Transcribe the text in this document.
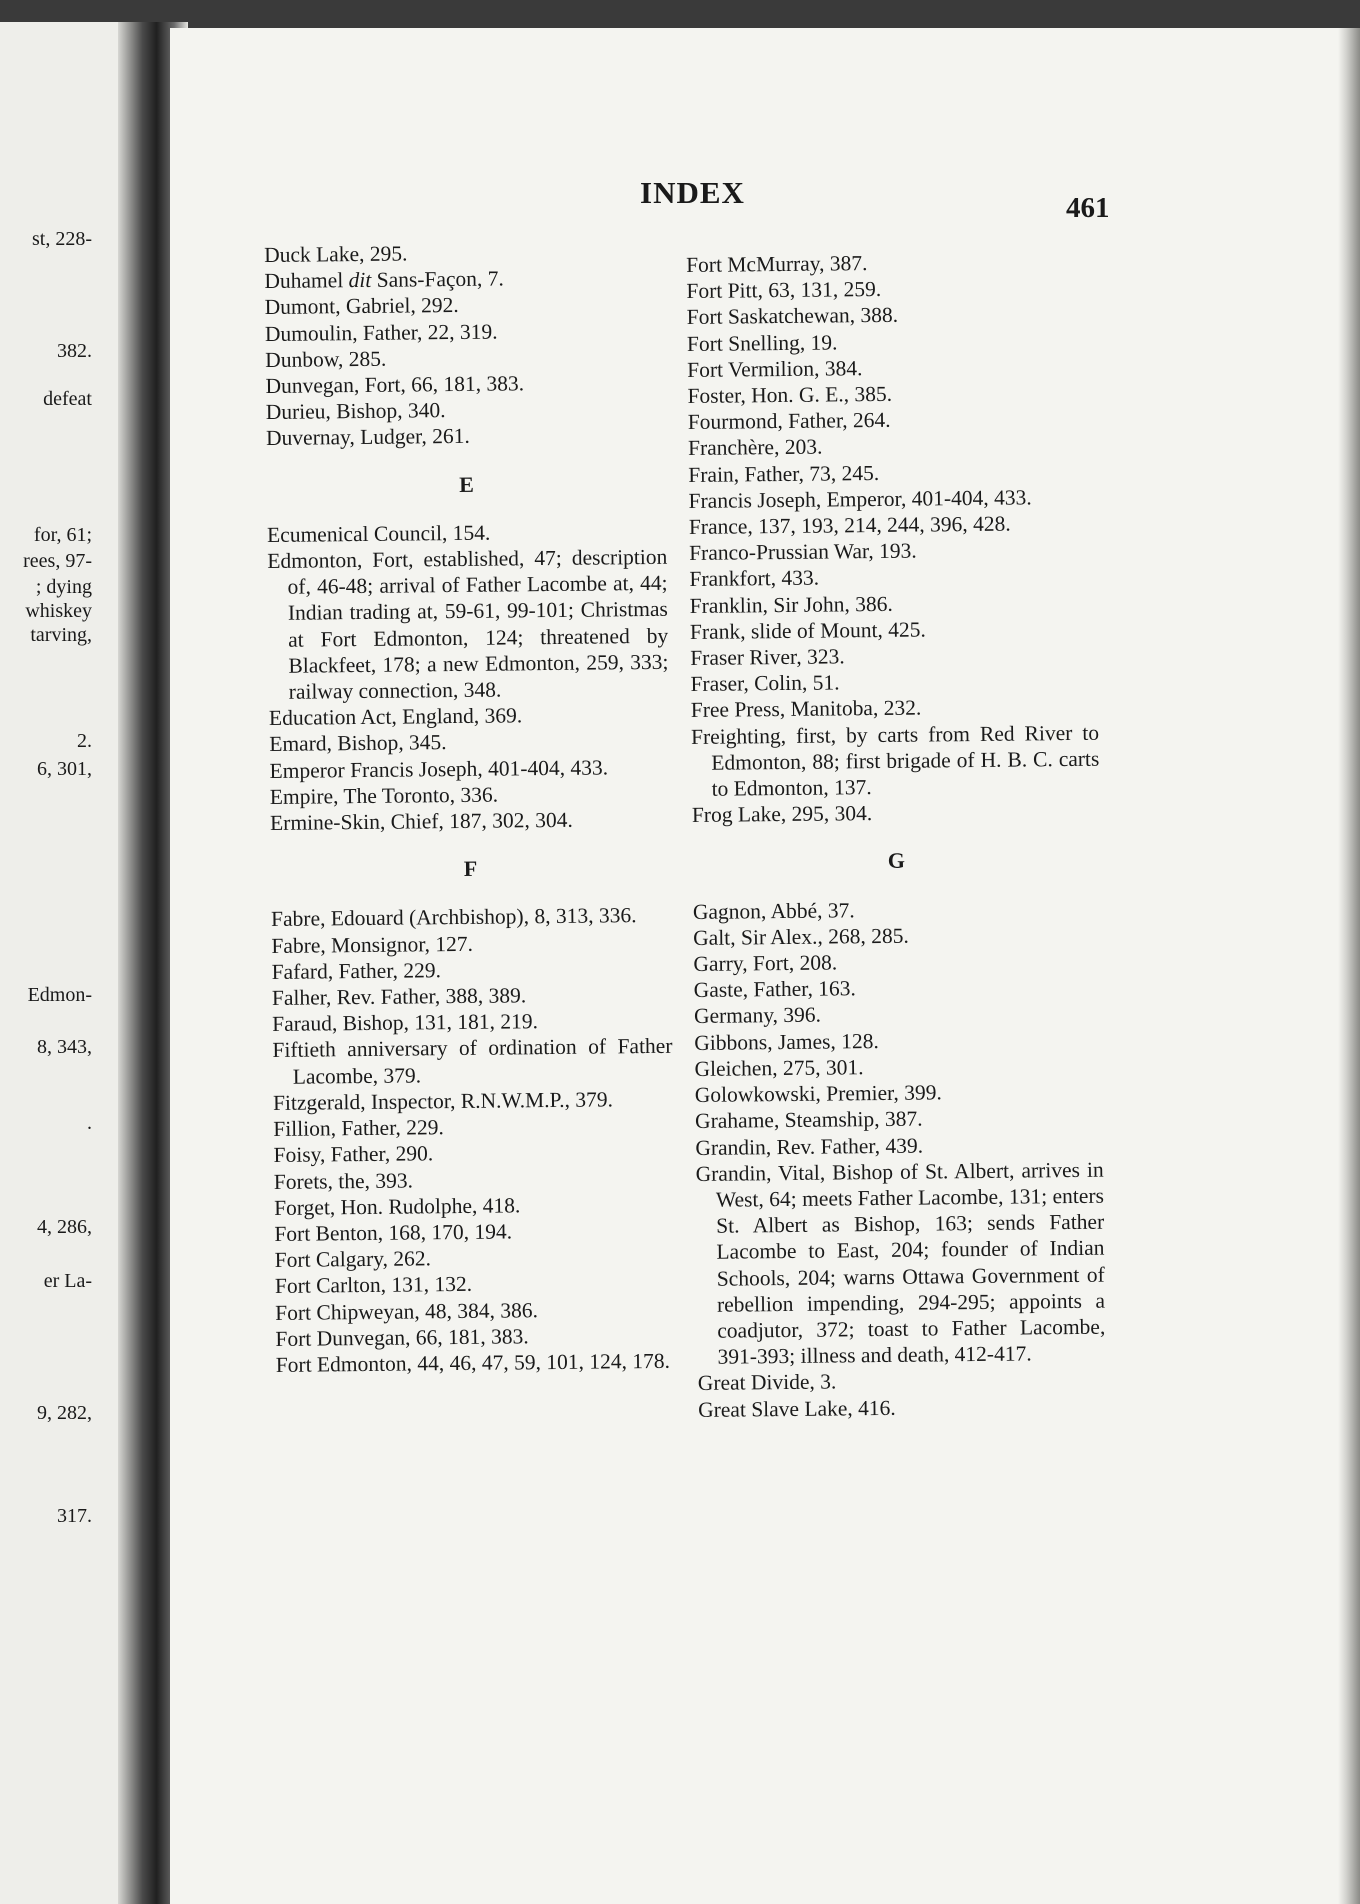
st, 228-
382.
defeat
for, 61;
rees, 97-
; dying
whiskey
tarving,
2.
6, 301,
Edmon-
8, 343,
.
4, 286,
er La-
9, 282,
317.
INDEX	461
Duck Lake, 295.
Duhamel dit Sans-Façon, 7.
Dumont, Gabriel, 292.
Dumoulin, Father, 22, 319.
Dunbow, 285.
Dunvegan, Fort, 66, 181, 383.
Durieu, Bishop, 340.
Duvernay, Ludger, 261.
E
Ecumenical Council, 154.
Edmonton, Fort, established, 47; description of, 46-48; arrival of Father Lacombe at, 44; Indian trading at, 59-61, 99-101; Christmas at Fort Edmonton, 124; threatened by Blackfeet, 178; a new Edmonton, 259, 333; railway connection, 348.
Education Act, England, 369.
Emard, Bishop, 345.
Emperor Francis Joseph, 401-404, 433.
Empire, The Toronto, 336.
Ermine-Skin, Chief, 187, 302, 304.
F
Fabre, Edouard (Archbishop), 8, 313, 336.
Fabre, Monsignor, 127.
Fafard, Father, 229.
Falher, Rev. Father, 388, 389.
Faraud, Bishop, 131, 181, 219.
Fiftieth anniversary of ordination of Father Lacombe, 379.
Fitzgerald, Inspector, R.N.W.M.P., 379.
Fillion, Father, 229.
Foisy, Father, 290.
Forets, the, 393.
Forget, Hon. Rudolphe, 418.
Fort Benton, 168, 170, 194.
Fort Calgary, 262.
Fort Carlton, 131, 132.
Fort Chipweyan, 48, 384, 386.
Fort Dunvegan, 66, 181, 383.
Fort Edmonton, 44, 46, 47, 59, 101, 124, 178.
Fort McMurray, 387.
Fort Pitt, 63, 131, 259.
Fort Saskatchewan, 388.
Fort Snelling, 19.
Fort Vermilion, 384.
Foster, Hon. G. E., 385.
Fourmond, Father, 264.
Franchère, 203.
Frain, Father, 73, 245.
Francis Joseph, Emperor, 401-404, 433.
France, 137, 193, 214, 244, 396, 428.
Franco-Prussian War, 193.
Frankfort, 433.
Franklin, Sir John, 386.
Frank, slide of Mount, 425.
Fraser River, 323.
Fraser, Colin, 51.
Free Press, Manitoba, 232.
Freighting, first, by carts from Red River to Edmonton, 88; first brigade of H. B. C. carts to Edmonton, 137.
Frog Lake, 295, 304.
G
Gagnon, Abbé, 37.
Galt, Sir Alex., 268, 285.
Garry, Fort, 208.
Gaste, Father, 163.
Germany, 396.
Gibbons, James, 128.
Gleichen, 275, 301.
Golowkowski, Premier, 399.
Grahame, Steamship, 387.
Grandin, Rev. Father, 439.
Grandin, Vital, Bishop of St. Albert, arrives in West, 64; meets Father Lacombe, 131; enters St. Albert as Bishop, 163; sends Father Lacombe to East, 204; founder of Indian Schools, 204; warns Ottawa Government of rebellion impending, 294-295; appoints a coadjutor, 372; toast to Father Lacombe, 391-393; illness and death, 412-417.
Great Divide, 3.
Great Slave Lake, 416.
